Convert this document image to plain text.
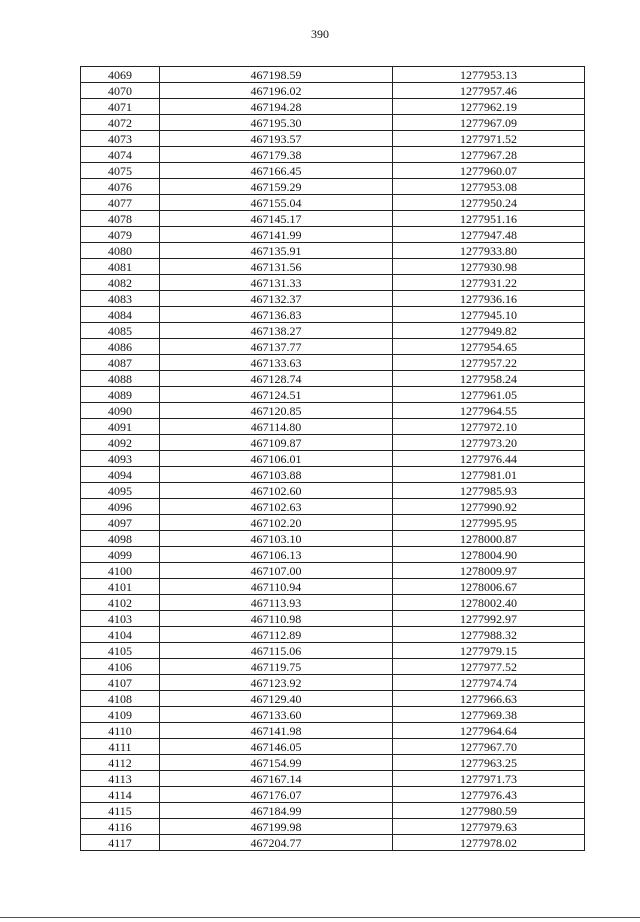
390
4069	467198.59	1277953.13
4070	467196.02	1277957.46
4071	467194.28	1277962.19
4072	467195.30	1277967.09
4073	467193.57	1277971.52
4074	467179.38	1277967.28
4075	467166.45	1277960.07
4076	467159.29	1277953.08
4077	467155.04	1277950.24
4078	467145.17	1277951.16
4079	467141.99	1277947.48
4080	467135.91	1277933.80
4081	467131.56	1277930.98
4082	467131.33	1277931.22
4083	467132.37	1277936.16
4084	467136.83	1277945.10
4085	467138.27	1277949.82
4086	467137.77	1277954.65
4087	467133.63	1277957.22
4088	467128.74	1277958.24
4089	467124.51	1277961.05
4090	467120.85	1277964.55
4091	467114.80	1277972.10
4092	467109.87	1277973.20
4093	467106.01	1277976.44
4094	467103.88	1277981.01
4095	467102.60	1277985.93
4096	467102.63	1277990.92
4097	467102.20	1277995.95
4098	467103.10	1278000.87
4099	467106.13	1278004.90
4100	467107.00	1278009.97
4101	467110.94	1278006.67
4102	467113.93	1278002.40
4103	467110.98	1277992.97
4104	467112.89	1277988.32
4105	467115.06	1277979.15
4106	467119.75	1277977.52
4107	467123.92	1277974.74
4108	467129.40	1277966.63
4109	467133.60	1277969.38
4110	467141.98	1277964.64
4111	467146.05	1277967.70
4112	467154.99	1277963.25
4113	467167.14	1277971.73
4114	467176.07	1277976.43
4115	467184.99	1277980.59
4116	467199.98	1277979.63
4117	467204.77	1277978.02
